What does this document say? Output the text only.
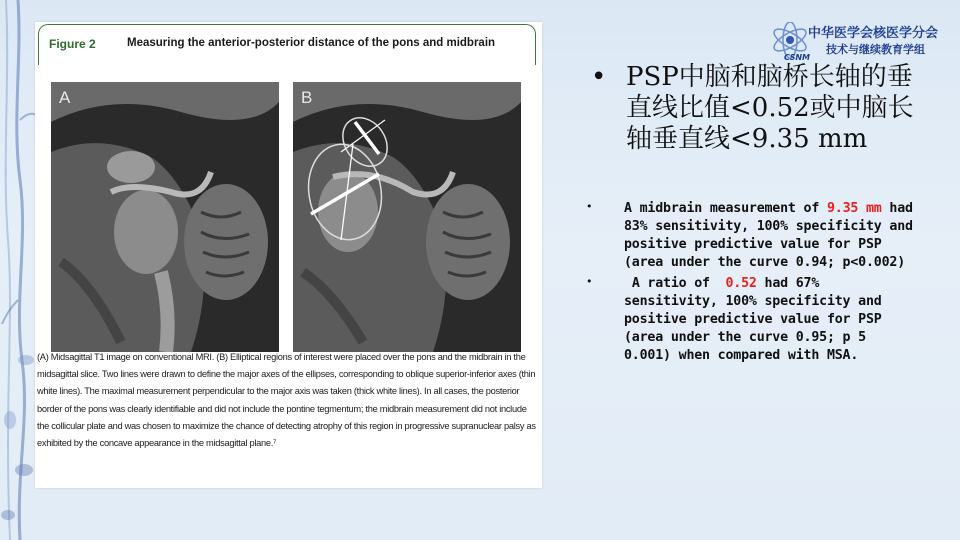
Figure 2	Measuring the anterior-posterior distance of the pons and midbrain
A	B
(A) Midsagittal T1 image on conventional MRI. (B) Elliptical regions of interest were placed over the pons and the midbrain in the midsagittal slice. Two lines were drawn to define the major axes of the ellipses, corresponding to oblique superior-inferior axes (thin white lines). The maximal measurement perpendicular to the major axis was taken (thick white lines). In all cases, the posterior border of the pons was clearly identifiable and did not include the pontine tegmentum; the midbrain measurement did not include the collicular plate and was chosen to maximize the chance of detecting atrophy of this region in progressive supranuclear palsy as exhibited by the concave appearance in the midsagittal plane.⁷
CSNM
中华医学会核医学分会
技术与继续教育学组
• PSP中脑和脑桥长轴的垂直线比值<0.52或中脑长轴垂直线<9.35 mm
• A midbrain measurement of 9.35 mm had 83% sensitivity, 100% specificity and positive predictive value for PSP (area under the curve 0.94; p<0.002)
• A ratio of  0.52 had 67% sensitivity, 100% specificity and positive predictive value for PSP (area under the curve 0.95; p 5 0.001) when compared with MSA.
